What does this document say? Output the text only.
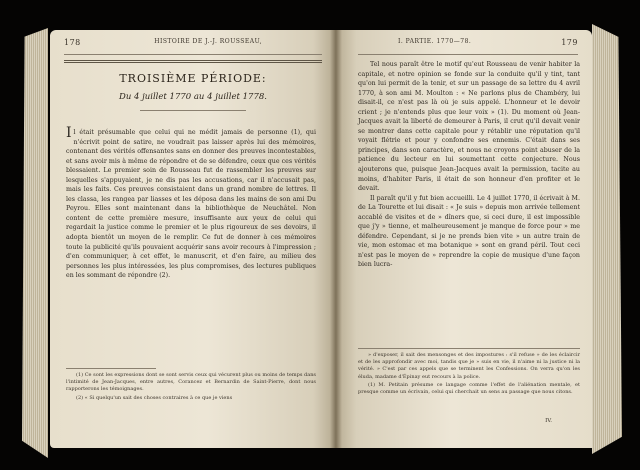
178	HISTOIRE DE J.-J. ROUSSEAU,
TROISIÈME PÉRIODE:
Du 4 juillet 1770 au 4 juillet 1778.

Il était présumable que celui qui ne médit jamais de personne (1), qui n'écrivit point de satire, ne voudrait pas laisser après lui des mémoires, contenant des vérités offensantes sans en donner des preuves incontestables, et sans avoir mis à même de répondre et de se défendre, ceux que ces vérités blessaient. Le premier soin de Rousseau fut de rassembler les preuves sur lesquelles s'appuyaient, je ne dis pas les accusations, car il n'accusait pas, mais les faits. Ces preuves consistaient dans un grand nombre de lettres. Il les classa, les rangea par liasses et les déposa dans les mains de son ami Du Peyrou. Elles sont maintenant dans la bibliothèque de Neuchâtel. Non content de cette première mesure, insuffisante aux yeux de celui qui regardait la justice comme le premier et le plus rigoureux de ses devoirs, il adopta bientôt un moyen de le remplir. Ce fut de donner à ces mémoires toute la publicité qu'ils pouvaient acquérir sans avoir recours à l'impression ; d'en communiquer, à cet effet, le manuscrit, et d'en faire, au milieu des personnes les plus intéressées, les plus compromises, des lectures publiques en les sommant de répondre (2).

(1) Ce sont les expressions dont se sont servis ceux qui vécurent plus ou moins de temps dans l'intimité de Jean-Jacques, entre autres, Corancez et Bernardin de Saint-Pierre, dont nous rapporterons les témoignages.

(2) « Si quelqu'un sait des choses contraires à ce que je viens

I. PARTIE. 1770—78.	179

Tel nous paraît être le motif qu'eut Rousseau de venir habiter la capitale, et notre opinion se fonde sur la conduite qu'il y tint, tant qu'on lui permit de la tenir, et sur un passage de sa lettre du 4 avril 1770, à son ami M. Moulton : « Ne parlons plus de Chambéry, lui disait-il, ce n'est pas là où je suis appelé. L'honneur et le devoir crient ; je n'entends plus que leur voix » (1). Du moment où Jean-Jacques avait la liberté de demeurer à Paris, il crut qu'il devait venir se montrer dans cette capitale pour y rétablir une réputation qu'il voyait flétrie et pour y confondre ses ennemis. C'était dans ses principes, dans son caractère, et nous ne croyons point abuser de la patience du lecteur en lui soumettant cette conjecture. Nous ajouterons que, puisque Jean-Jacques avait la permission, tacite au moins, d'habiter Paris, il était de son honneur d'en profiter et le devait.

Il paraît qu'il y fut bien accueilli. Le 4 juillet 1770, il écrivait à M. de La Tourette et lui disait : « Je suis » depuis mon arrivée tellement accablé de visites et de » dîners que, si ceci dure, il est impossible que j'y » tienne, et malheureusement je manque de force pour » me défendre. Cependant, si je ne prends bien vite » un autre train de vie, mon estomac et ma botanique » sont en grand péril. Tout ceci n'est pas le moyen de » reprendre la copie de musique d'une façon bien lucra-

» d'exposer, il sait des mensonges et des impostures : s'il refuse » de les éclaircir et de les approfondir avec moi, tandis que je » suis en vie, il n'aime ni la justice ni la vérité. » C'est par ces appels que se terminent les Confessions. On verra qu'on les éluda, madame d'Épinay eut recours à la police.

(1) M. Petitain présume ce langage comme l'effet de l'aliénation mentale, et presque comme un écrivain, celui qui cherchait un sens au passage que nous citons.

IV.
